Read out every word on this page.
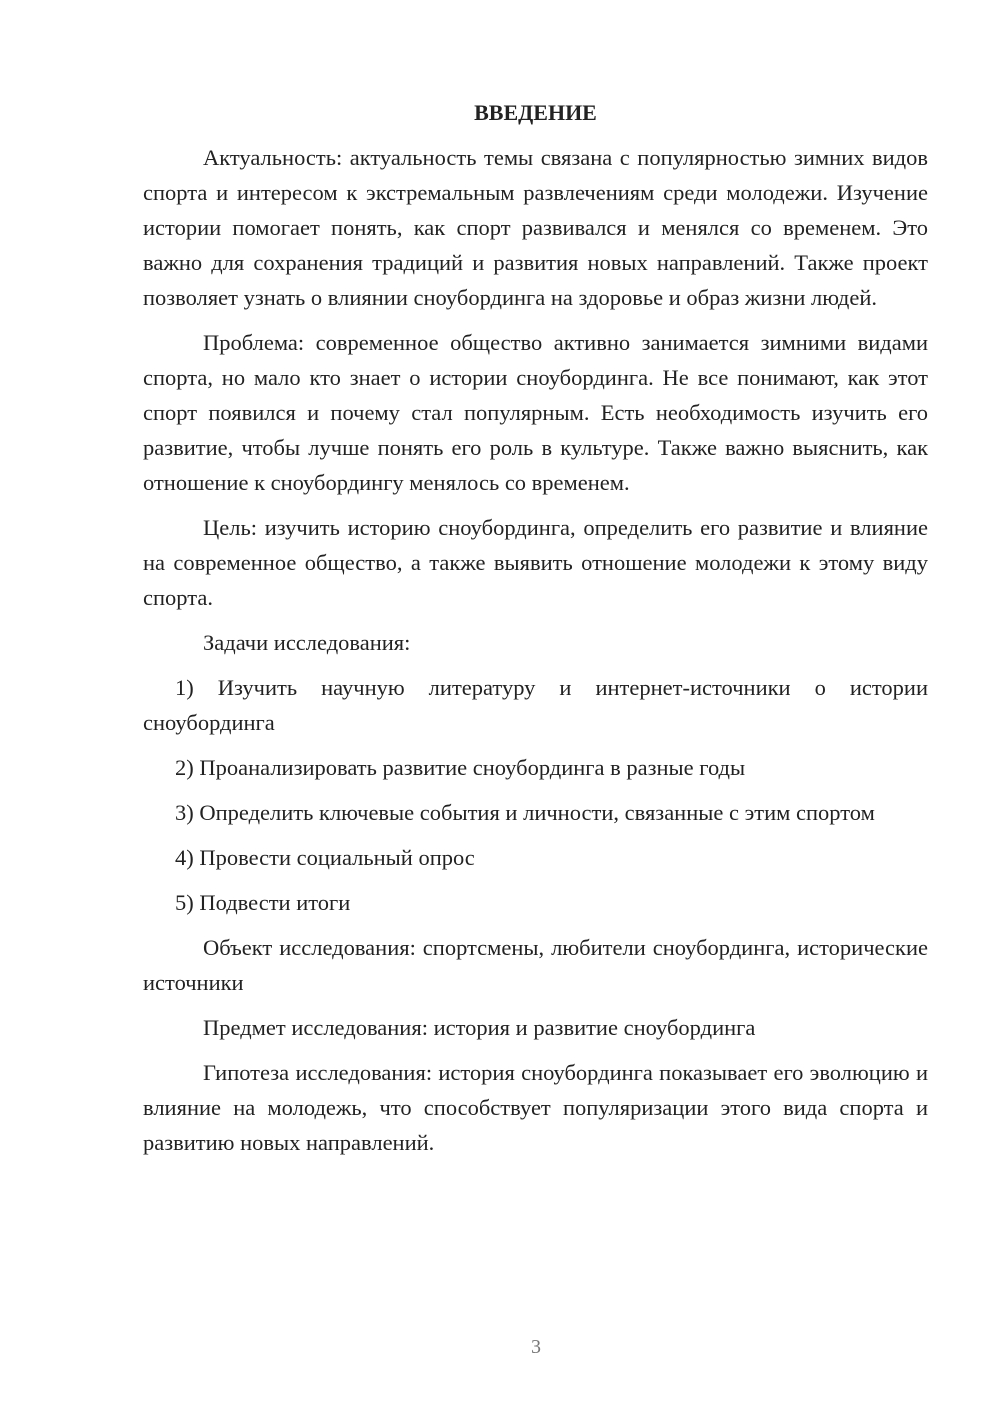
ВВЕДЕНИЕ

Актуальность: актуальность темы связана с популярностью зимних видов спорта и интересом к экстремальным развлечениям среди молодежи. Изучение истории помогает понять, как спорт развивался и менялся со временем. Это важно для сохранения традиций и развития новых направлений. Также проект позволяет узнать о влиянии сноубординга на здоровье и образ жизни людей.

Проблема: современное общество активно занимается зимними видами спорта, но мало кто знает о истории сноубординга. Не все понимают, как этот спорт появился и почему стал популярным. Есть необходимость изучить его развитие, чтобы лучше понять его роль в культуре. Также важно выяснить, как отношение к сноубордингу менялось со временем.

Цель: изучить историю сноубординга, определить его развитие и влияние на современное общество, а также выявить отношение молодежи к этому виду спорта.

Задачи исследования:

1) Изучить научную литературу и интернет-источники о истории сноубординга

2) Проанализировать развитие сноубординга в разные годы

3) Определить ключевые события и личности, связанные с этим спортом

4) Провести социальный опрос

5) Подвести итоги

Объект исследования: спортсмены, любители сноубординга, исторические источники

Предмет исследования: история и развитие сноубординга

Гипотеза исследования: история сноубординга показывает его эволюцию и влияние на молодежь, что способствует популяризации этого вида спорта и развитию новых направлений.

3
